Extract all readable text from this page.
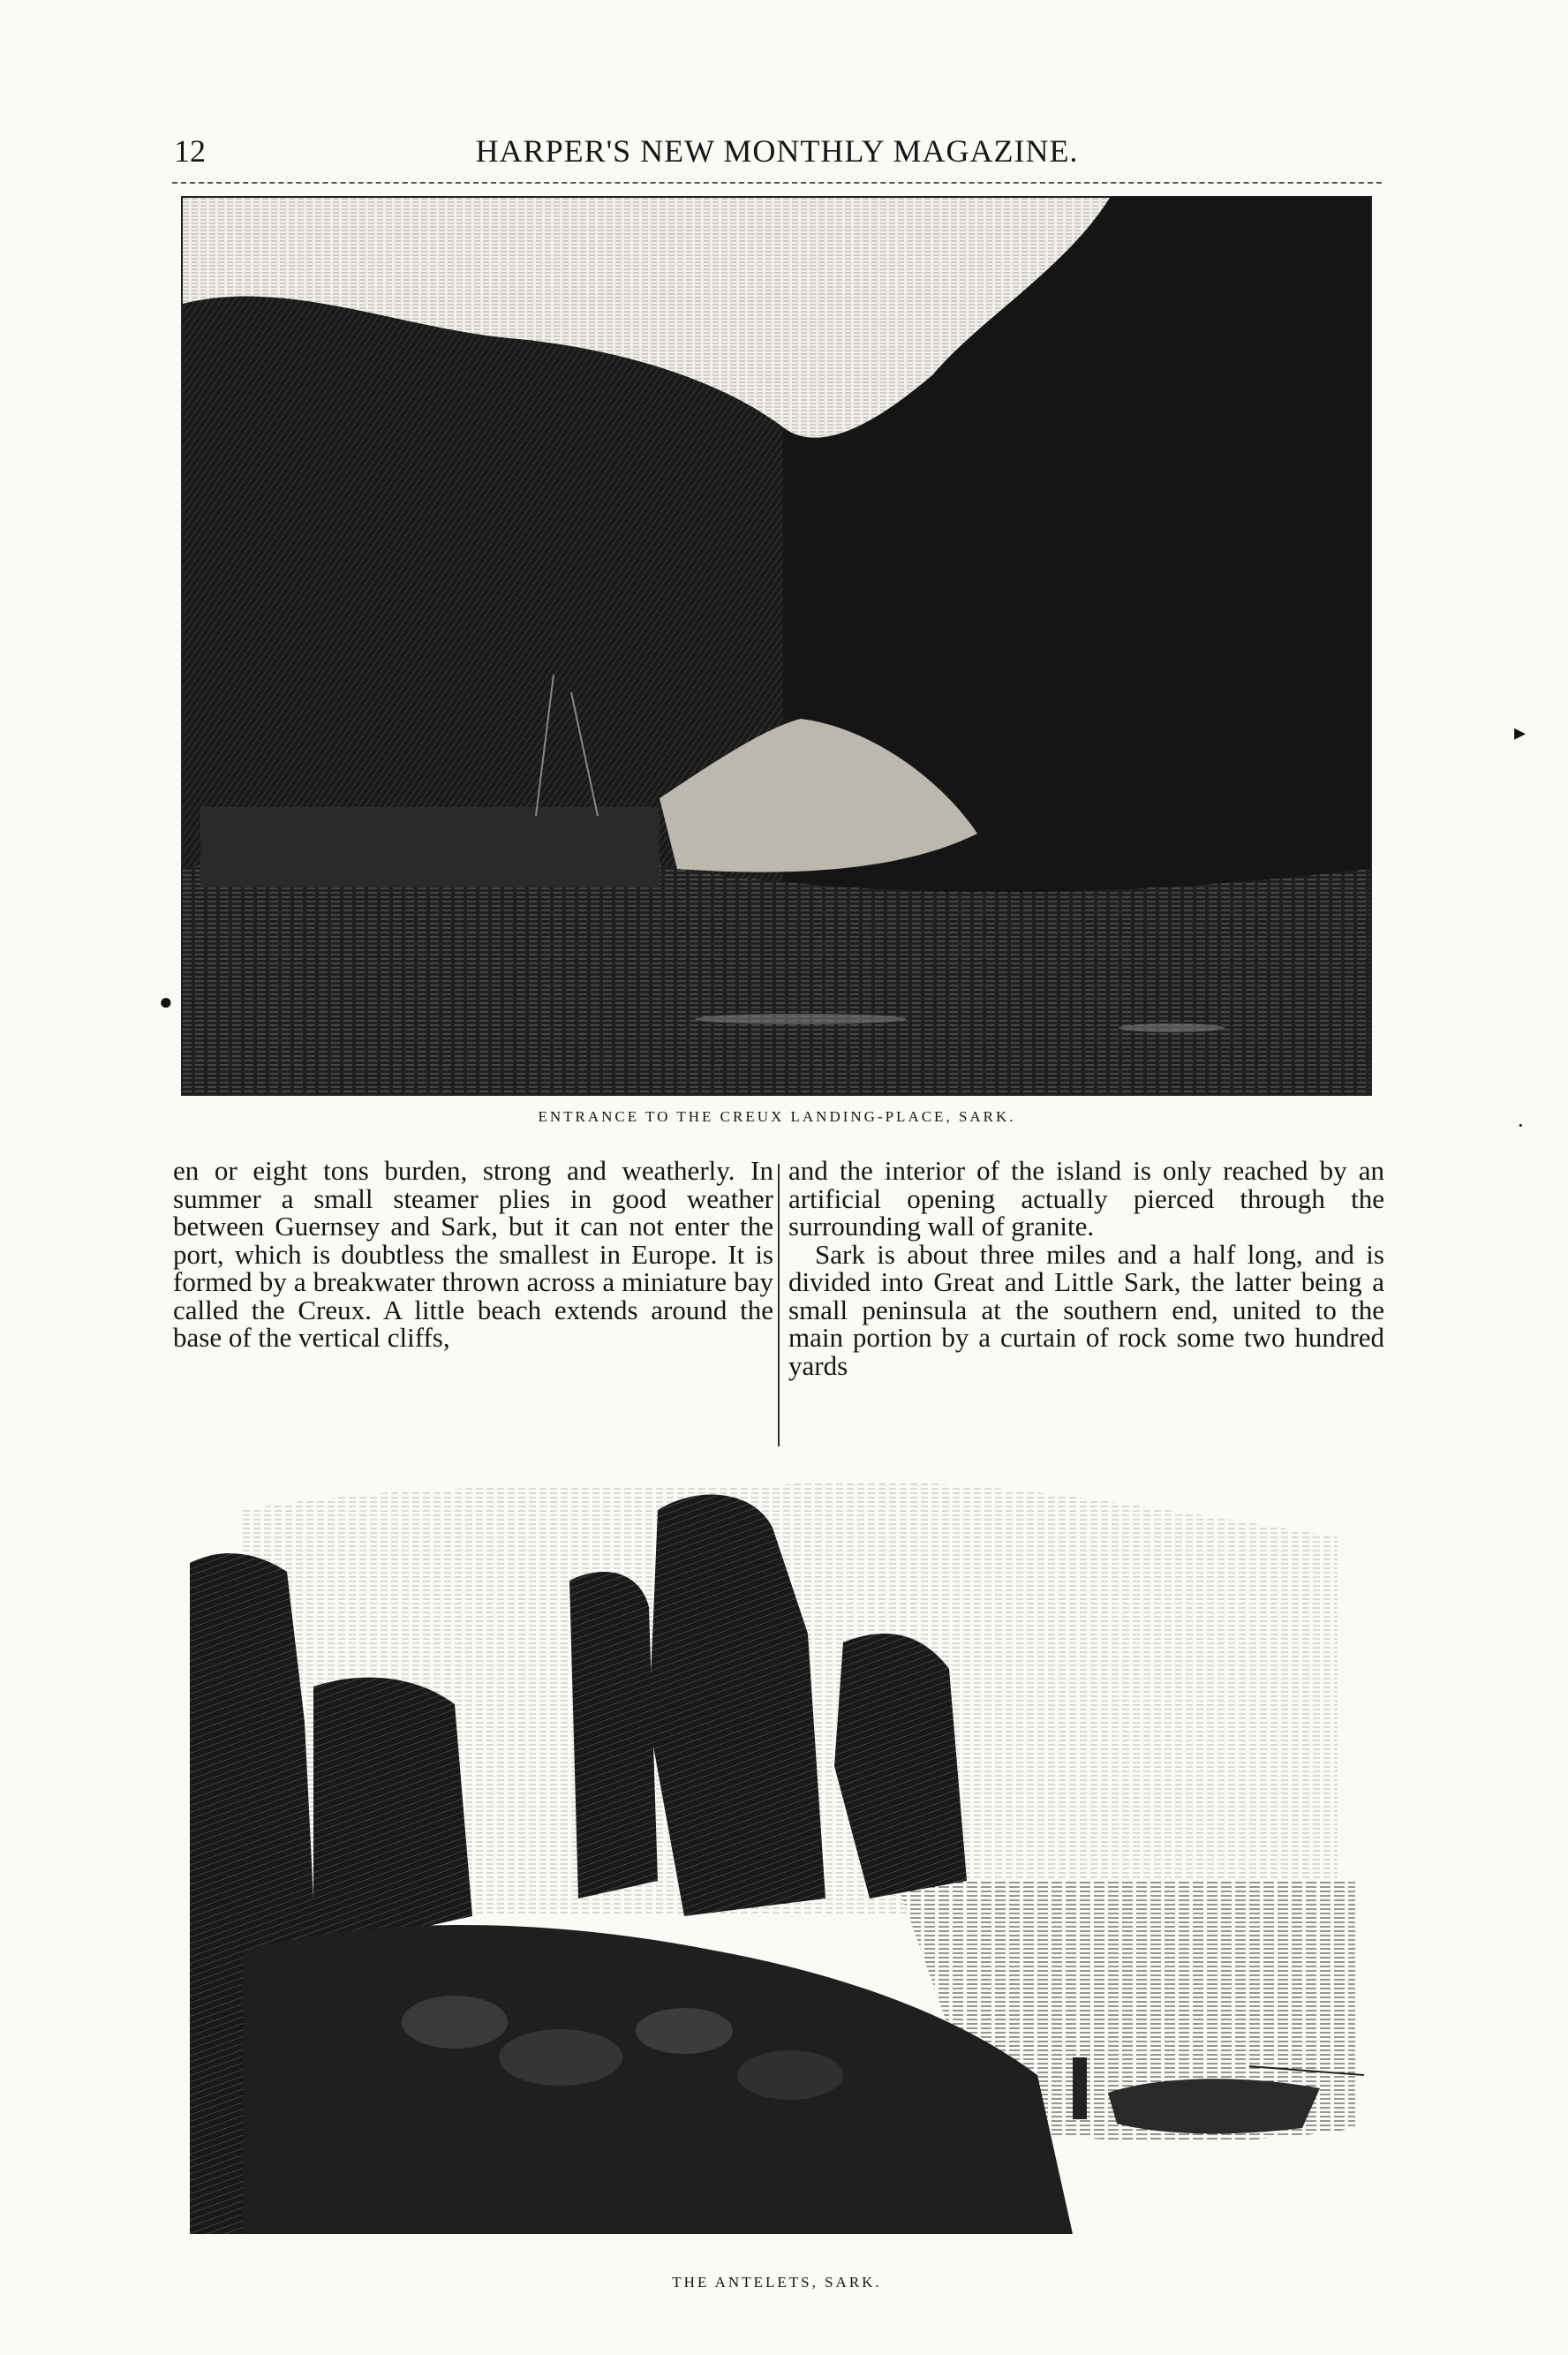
12	HARPER'S NEW MONTHLY MAGAZINE.
ENTRANCE TO THE CREUX LANDING-PLACE, SARK.

en or eight tons burden, strong and weatherly. In summer a small steamer plies in good weather between Guernsey and Sark, but it can not enter the port, which is doubtless the smallest in Europe. It is formed by a breakwater thrown across a miniature bay called the Creux. A little beach extends around the base of the vertical cliffs,

and the interior of the island is only reached by an artificial opening actually pierced through the surrounding wall of granite.

Sark is about three miles and a half long, and is divided into Great and Little Sark, the latter being a small peninsula at the southern end, united to the main portion by a curtain of rock some two hundred yards

THE ANTELETS, SARK.
▸
·
●
